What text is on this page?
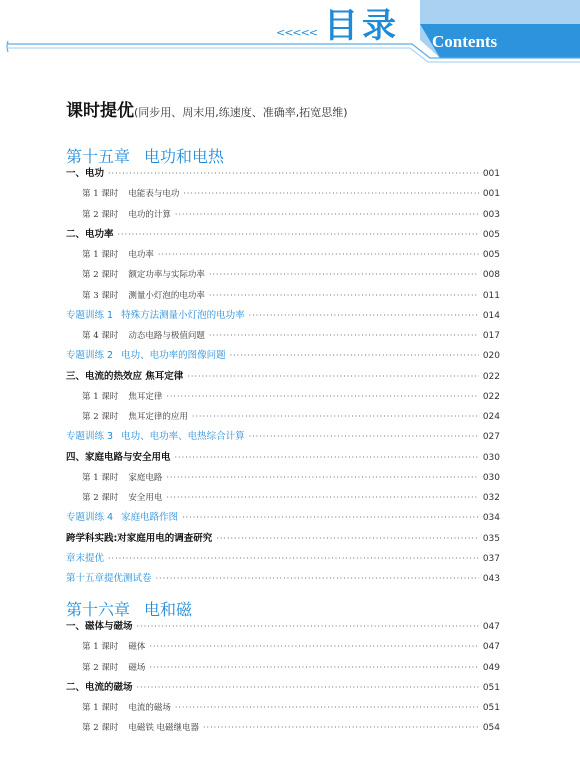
<<<<< 目录 Contents
课时提优(同步用、周末用,练速度、准确率,拓宽思维)
第十五章 电功和电热
一、电功 ·····	001
第 1 课时 电能表与电功 ·····	001
第 2 课时 电功的计算 ·····	003
二、电功率 ·····	005
第 1 课时 电功率 ·····	005
第 2 课时 额定功率与实际功率 ·····	008
第 3 课时 测量小灯泡的电功率 ·····	011
专题训练 1 特殊方法测量小灯泡的电功率 ·····	014
第 4 课时 动态电路与极值问题 ·····	017
专题训练 2 电功、电功率的图像问题 ·····	020
三、电流的热效应 焦耳定律 ·····	022
第 1 课时 焦耳定律 ·····	022
第 2 课时 焦耳定律的应用 ·····	024
专题训练 3 电功、电功率、电热综合计算 ·····	027
四、家庭电路与安全用电 ·····	030
第 1 课时 家庭电路 ·····	030
第 2 课时 安全用电 ·····	032
专题训练 4 家庭电路作图 ·····	034
跨学科实践:对家庭用电的调查研究 ·····	035
章末提优 ·····	037
第十五章提优测试卷 ·····	043
第十六章 电和磁
一、磁体与磁场 ·····	047
第 1 课时 磁体 ·····	047
第 2 课时 磁场 ·····	049
二、电流的磁场 ·····	051
第 1 课时 电流的磁场 ·····	051
第 2 课时 电磁铁 电磁继电器 ·····	054
